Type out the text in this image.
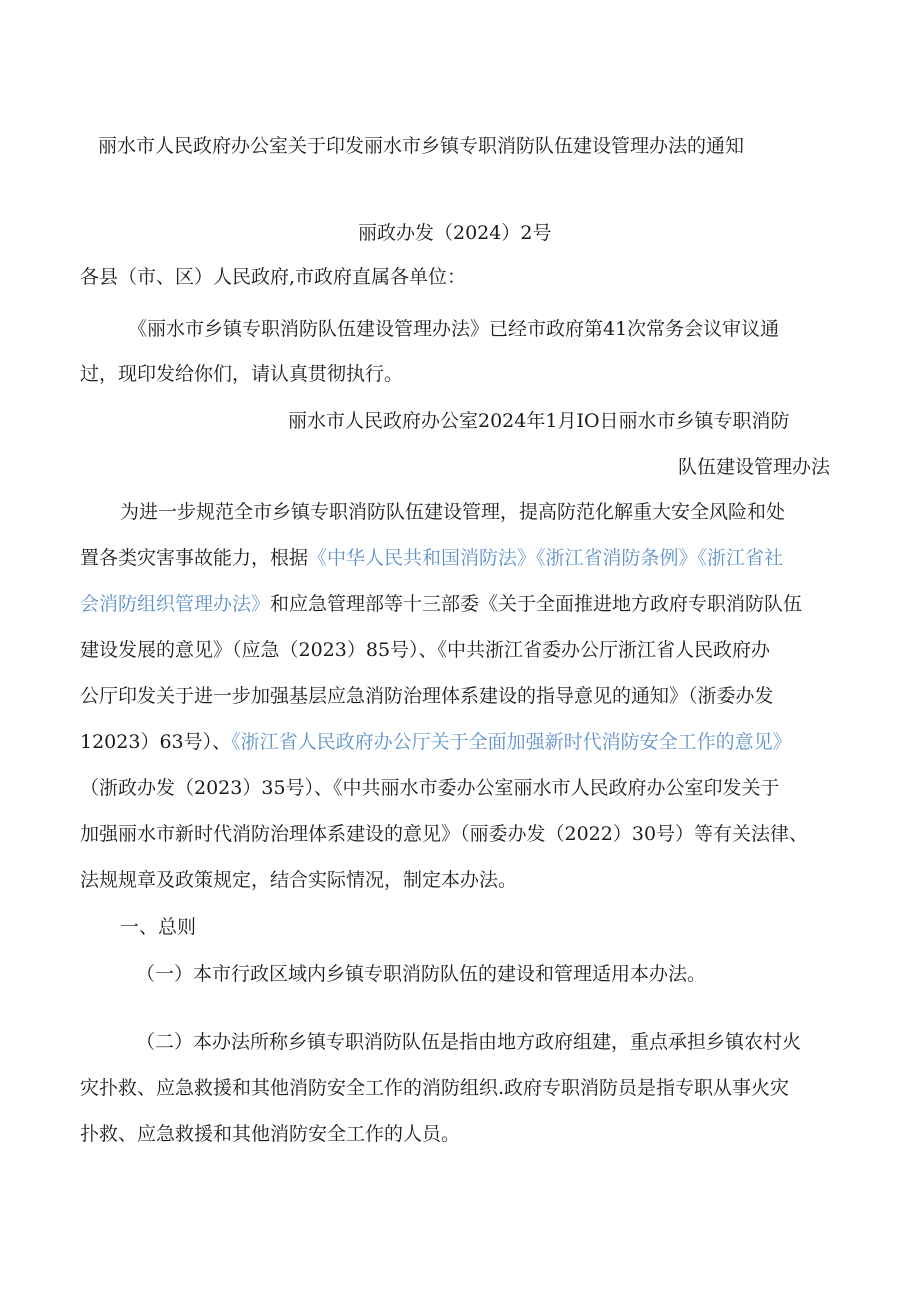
丽水市人民政府办公室关于印发丽水市乡镇专职消防队伍建设管理办法的通知
丽政办发（2024）2号
各县（市、区）人民政府,市政府直属各单位：
《丽水市乡镇专职消防队伍建设管理办法》已经市政府第41次常务会议审议通
过，现印发给你们，请认真贯彻执行。
丽水市人民政府办公室2024年1月IO日丽水市乡镇专职消防
队伍建设管理办法
为进一步规范全市乡镇专职消防队伍建设管理，提高防范化解重大安全风险和处
置各类灾害事故能力，根据《中华人民共和国消防法》《浙江省消防条例》《浙江省社
会消防组织管理办法》和应急管理部等十三部委《关于全面推进地方政府专职消防队伍
建设发展的意见》（应急（2023）85号）、《中共浙江省委办公厅浙江省人民政府办
公厅印发关于进一步加强基层应急消防治理体系建设的指导意见的通知》（浙委办发
12023）63号）、《浙江省人民政府办公厅关于全面加强新时代消防安全工作的意见》
（浙政办发（2023）35号）、《中共丽水市委办公室丽水市人民政府办公室印发关于
加强丽水市新时代消防治理体系建设的意见》（丽委办发（2022）30号）等有关法律、
法规规章及政策规定，结合实际情况，制定本办法。
一、总则
（一）本市行政区域内乡镇专职消防队伍的建设和管理适用本办法。
（二）本办法所称乡镇专职消防队伍是指由地方政府组建，重点承担乡镇农村火
灾扑救、应急救援和其他消防安全工作的消防组织.政府专职消防员是指专职从事火灾
扑救、应急救援和其他消防安全工作的人员。
